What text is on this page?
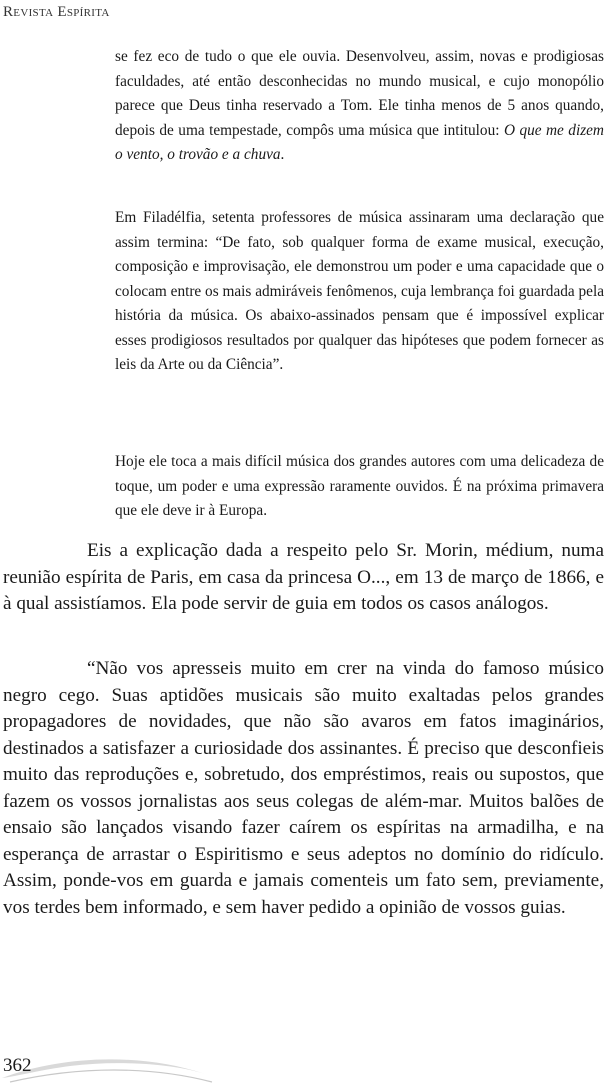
Revista Espírita

se fez eco de tudo o que ele ouvia. Desenvolveu, assim, novas e prodigiosas faculdades, até então desconhecidas no mundo musical, e cujo monopólio parece que Deus tinha reservado a Tom. Ele tinha menos de 5 anos quando, depois de uma tempestade, compôs uma música que intitulou: O que me dizem o vento, o trovão e a chuva.

Em Filadélfia, setenta professores de música assinaram uma declaração que assim termina: “De fato, sob qualquer forma de exame musical, execução, composição e improvisação, ele demonstrou um poder e uma capacidade que o colocam entre os mais admiráveis fenômenos, cuja lembrança foi guardada pela história da música. Os abaixo-assinados pensam que é impossível explicar esses prodigiosos resultados por qualquer das hipóteses que podem fornecer as leis da Arte ou da Ciência”.

Hoje ele toca a mais difícil música dos grandes autores com uma delicadeza de toque, um poder e uma expressão raramente ouvidos. É na próxima primavera que ele deve ir à Europa.

Eis a explicação dada a respeito pelo Sr. Morin, médium, numa reunião espírita de Paris, em casa da princesa O..., em 13 de março de 1866, e à qual assistíamos. Ela pode servir de guia em todos os casos análogos.

“Não vos apresseis muito em crer na vinda do famoso músico negro cego. Suas aptidões musicais são muito exaltadas pelos grandes propagadores de novidades, que não são avaros em fatos imaginários, destinados a satisfazer a curiosidade dos assinantes. É preciso que desconfieis muito das reproduções e, sobretudo, dos empréstimos, reais ou supostos, que fazem os vossos jornalistas aos seus colegas de além-mar. Muitos balões de ensaio são lançados visando fazer caírem os espíritas na armadilha, e na esperança de arrastar o Espiritismo e seus adeptos no domínio do ridículo. Assim, ponde-vos em guarda e jamais comenteis um fato sem, previamente, vos terdes bem informado, e sem haver pedido a opinião de vossos guias.

362
